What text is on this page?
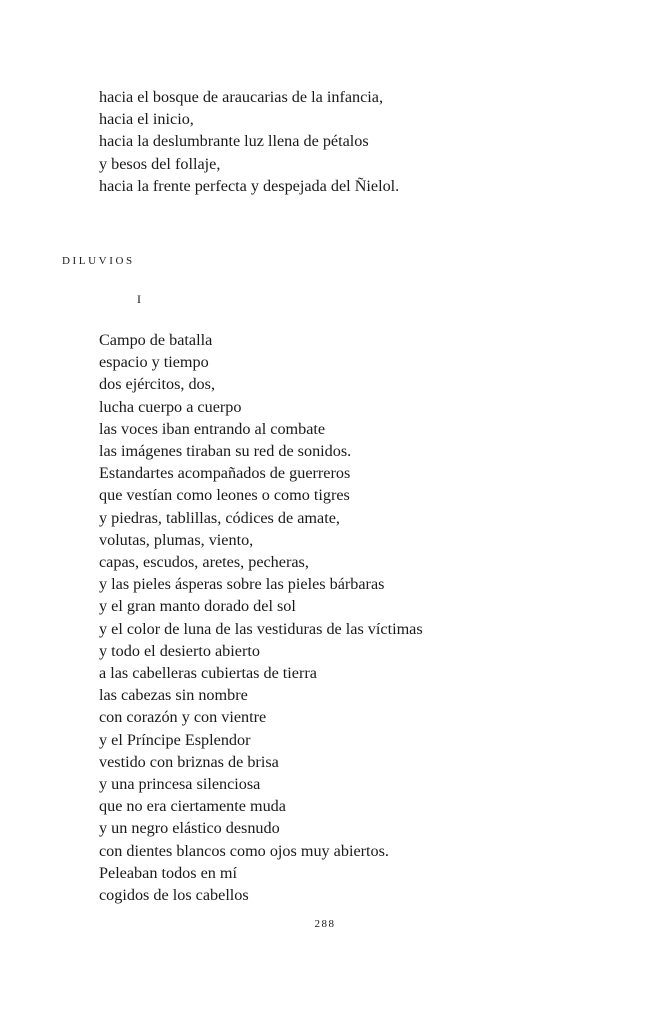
hacia el bosque de araucarias de la infancia,
hacia el inicio,
hacia la deslumbrante luz llena de pétalos
y besos del follaje,
hacia la frente perfecta y despejada del Ñielol.
DILUVIOS
I
Campo de batalla
espacio y tiempo
dos ejércitos, dos,
lucha cuerpo a cuerpo
las voces iban entrando al combate
las imágenes tiraban su red de sonidos.
Estandartes acompañados de guerreros
que vestían como leones o como tigres
y piedras, tablillas, códices de amate,
volutas, plumas, viento,
capas, escudos, aretes, pecheras,
y las pieles ásperas sobre las pieles bárbaras
y el gran manto dorado del sol
y el color de luna de las vestiduras de las víctimas
y todo el desierto abierto
a las cabelleras cubiertas de tierra
las cabezas sin nombre
con corazón y con vientre
y el Príncipe Esplendor
vestido con briznas de brisa
y una princesa silenciosa
que no era ciertamente muda
y un negro elástico desnudo
con dientes blancos como ojos muy abiertos.
Peleaban todos en mí
cogidos de los cabellos
288
